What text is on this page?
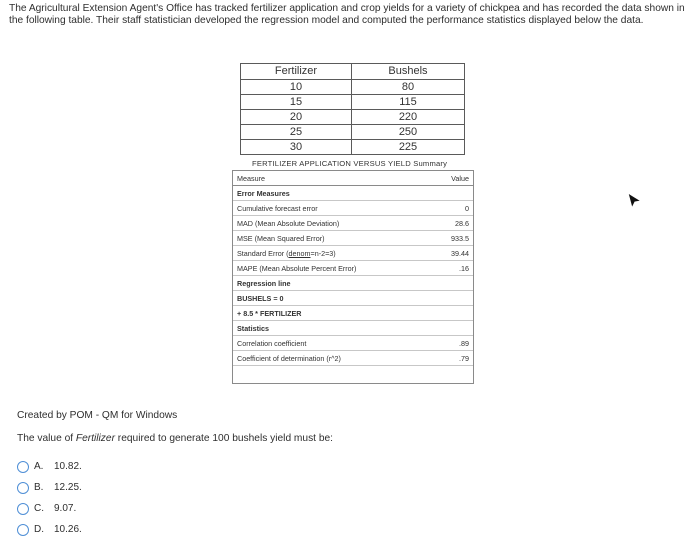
The Agricultural Extension Agent's Office has tracked fertilizer application and crop yields for a variety of chickpea and has recorded the data shown in the following table. Their staff statistician developed the regression model and computed the performance statistics displayed below the data.
Fertilizer	Bushels
10	80
15	115
20	220
25	250
30	225
FERTILIZER APPLICATION VERSUS YIELD Summary
Measure	Value
Error Measures
Cumulative forecast error	0
MAD (Mean Absolute Deviation)	28.6
MSE (Mean Squared Error)	933.5
Standard Error (denom=n-2=3)	39.44
MAPE (Mean Absolute Percent Error)	.16
Regression line
BUSHELS = 0
+ 8.5 * FERTILIZER
Statistics
Correlation coefficient	.89
Coefficient of determination (r^2)	.79
Created by POM - QM for Windows
The value of Fertilizer required to generate 100 bushels yield must be:
A. 10.82.
B. 12.25.
C. 9.07.
D. 10.26.
